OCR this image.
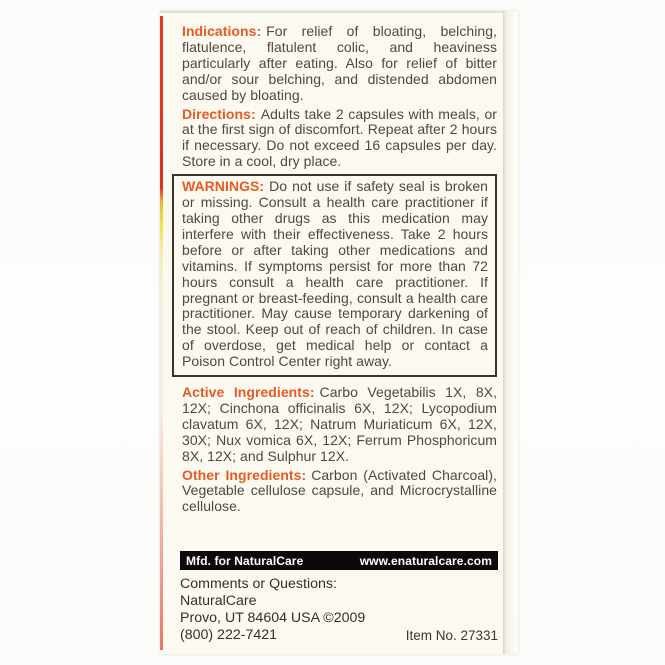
Indications: For relief of bloating, belching, flatulence, flatulent colic, and heaviness particularly after eating. Also for relief of bitter and/or sour belching, and distended abdomen caused by bloating.

Directions: Adults take 2 capsules with meals, or at the first sign of discomfort. Repeat after 2 hours if necessary. Do not exceed 16 capsules per day. Store in a cool, dry place.

WARNINGS: Do not use if safety seal is broken or missing. Consult a health care practitioner if taking other drugs as this medication may interfere with their effectiveness. Take 2 hours before or after taking other medications and vitamins. If symptoms persist for more than 72 hours consult a health care practitioner. If pregnant or breast-feeding, consult a health care practitioner. May cause temporary darkening of the stool. Keep out of reach of children. In case of overdose, get medical help or contact a Poison Control Center right away.

Active Ingredients: Carbo Vegetabilis 1X, 8X, 12X; Cinchona officinalis 6X, 12X; Lycopodium clavatum 6X, 12X; Natrum Muriaticum 6X, 12X, 30X; Nux vomica 6X, 12X; Ferrum Phosphoricum 8X, 12X; and Sulphur 12X.

Other Ingredients: Carbon (Activated Charcoal), Vegetable cellulose capsule, and Microcrystalline cellulose.

Mfd. for NaturalCare	www.enaturalcare.com
Comments or Questions:
NaturalCare
Provo, UT 84604 USA ©2009
(800) 222-7421	Item No. 27331
